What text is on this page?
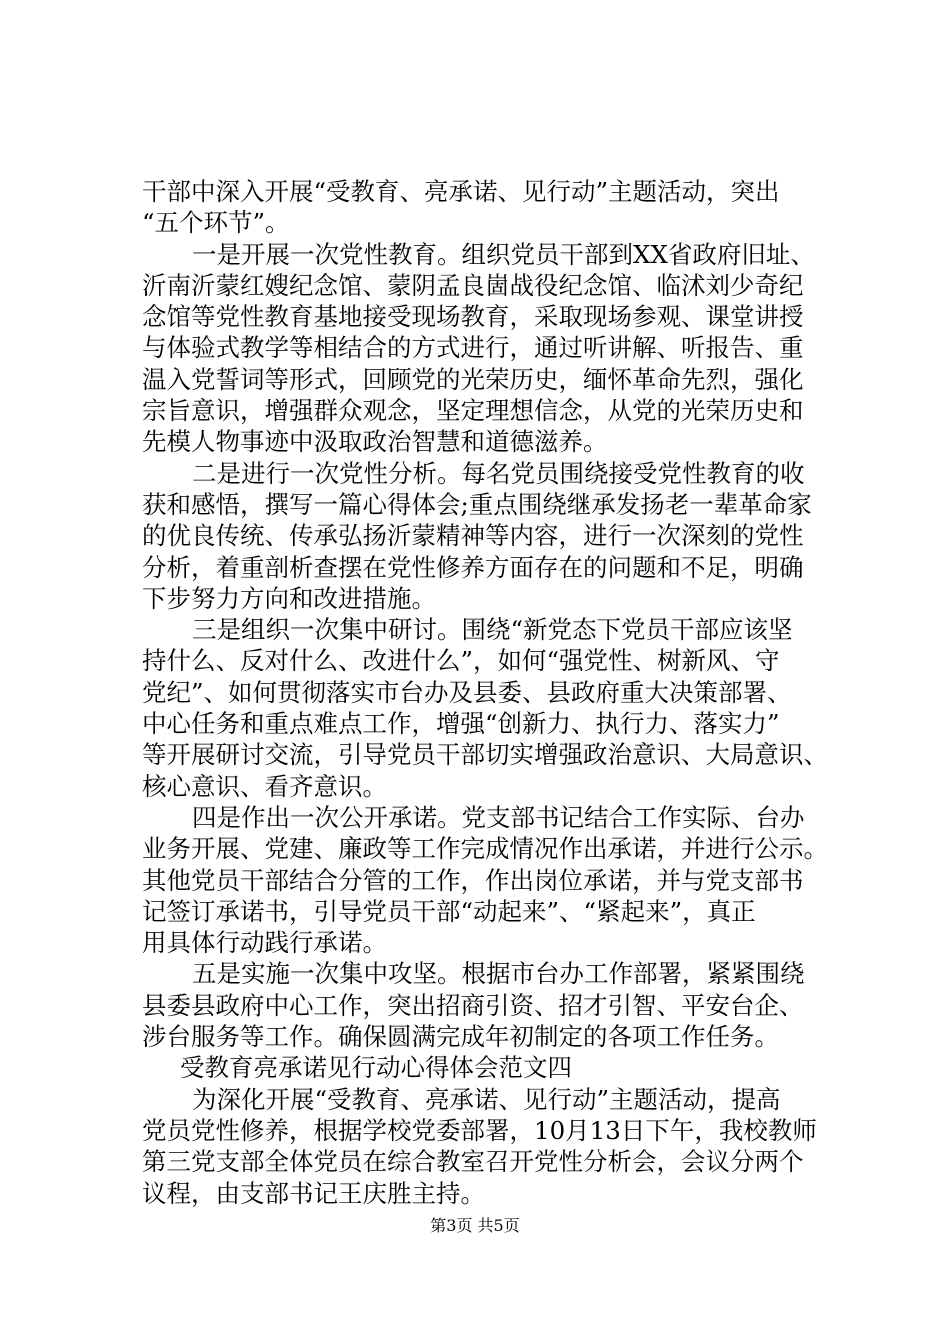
干部中深入开展“受教育、亮承诺、见行动”主题活动，突出
“五个环节”。
一是开展一次党性教育。组织党员干部到XX省政府旧址、
沂南沂蒙红嫂纪念馆、蒙阴孟良崮战役纪念馆、临沭刘少奇纪
念馆等党性教育基地接受现场教育，采取现场参观、课堂讲授
与体验式教学等相结合的方式进行，通过听讲解、听报告、重
温入党誓词等形式，回顾党的光荣历史，缅怀革命先烈，强化
宗旨意识，增强群众观念，坚定理想信念，从党的光荣历史和
先模人物事迹中汲取政治智慧和道德滋养。
二是进行一次党性分析。每名党员围绕接受党性教育的收
获和感悟，撰写一篇心得体会;重点围绕继承发扬老一辈革命家
的优良传统、传承弘扬沂蒙精神等内容，进行一次深刻的党性
分析，着重剖析查摆在党性修养方面存在的问题和不足，明确
下步努力方向和改进措施。
三是组织一次集中研讨。围绕“新党态下党员干部应该坚
持什么、反对什么、改进什么”，如何“强党性、树新风、守
党纪”、如何贯彻落实市台办及县委、县政府重大决策部署、
中心任务和重点难点工作，增强“创新力、执行力、落实力”
等开展研讨交流，引导党员干部切实增强政治意识、大局意识、
核心意识、看齐意识。
四是作出一次公开承诺。党支部书记结合工作实际、台办
业务开展、党建、廉政等工作完成情况作出承诺，并进行公示。
其他党员干部结合分管的工作，作出岗位承诺，并与党支部书
记签订承诺书，引导党员干部“动起来”、“紧起来”，真正
用具体行动践行承诺。
五是实施一次集中攻坚。根据市台办工作部署，紧紧围绕
县委县政府中心工作，突出招商引资、招才引智、平安台企、
涉台服务等工作。确保圆满完成年初制定的各项工作任务。
受教育亮承诺见行动心得体会范文四
为深化开展“受教育、亮承诺、见行动”主题活动，提高
党员党性修养，根据学校党委部署，10月13日下午，我校教师
第三党支部全体党员在综合教室召开党性分析会，会议分两个
议程，由支部书记王庆胜主持。
第3页 共5页
